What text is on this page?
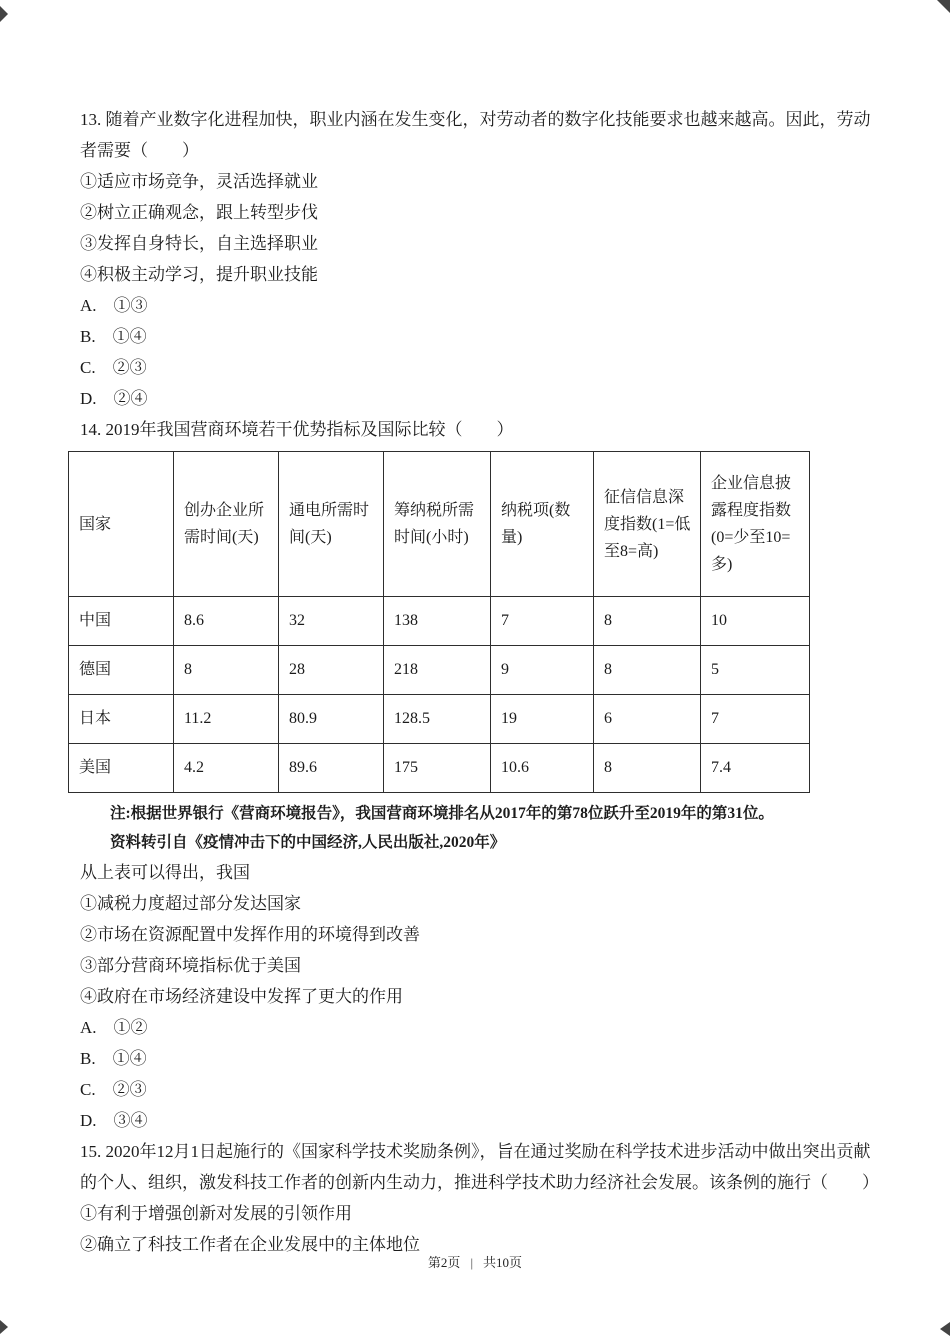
13. 随着产业数字化进程加快，职业内涵在发生变化，对劳动者的数字化技能要求也越来越高。因此，劳动者需要（　　）

①适应市场竞争，灵活选择就业

②树立正确观念，跟上转型步伐

③发挥自身特长，自主选择职业

④积极主动学习，提升职业技能

A.　①③

B.　①④

C.　②③

D.　②④

14. 2019年我国营商环境若干优势指标及国际比较（　　）

国家	创办企业所需时间(天)	通电所需时间(天)	筹纳税所需时间(小时)	纳税项(数量)	征信信息深度指数(1=低至8=高)	企业信息披露程度指数(0=少至10=多)
中国	8.6	32	138	7	8	10
德国	8	28	218	9	8	5
日本	11.2	80.9	128.5	19	6	7
美国	4.2	89.6	175	10.6	8	7.4

注:根据世界银行《营商环境报告》，我国营商环境排名从2017年的第78位跃升至2019年的第31位。

资料转引自《疫情冲击下的中国经济,人民出版社,2020年》

从上表可以得出，我国

①减税力度超过部分发达国家

②市场在资源配置中发挥作用的环境得到改善

③部分营商环境指标优于美国

④政府在市场经济建设中发挥了更大的作用

A.　①②

B.　①④

C.　②③

D.　③④

15. 2020年12月1日起施行的《国家科学技术奖励条例》，旨在通过奖励在科学技术进步活动中做出突出贡献的个人、组织，激发科技工作者的创新内生动力，推进科学技术助力经济社会发展。该条例的施行（　　）

①有利于增强创新对发展的引领作用

②确立了科技工作者在企业发展中的主体地位

第2页 | 共10页
